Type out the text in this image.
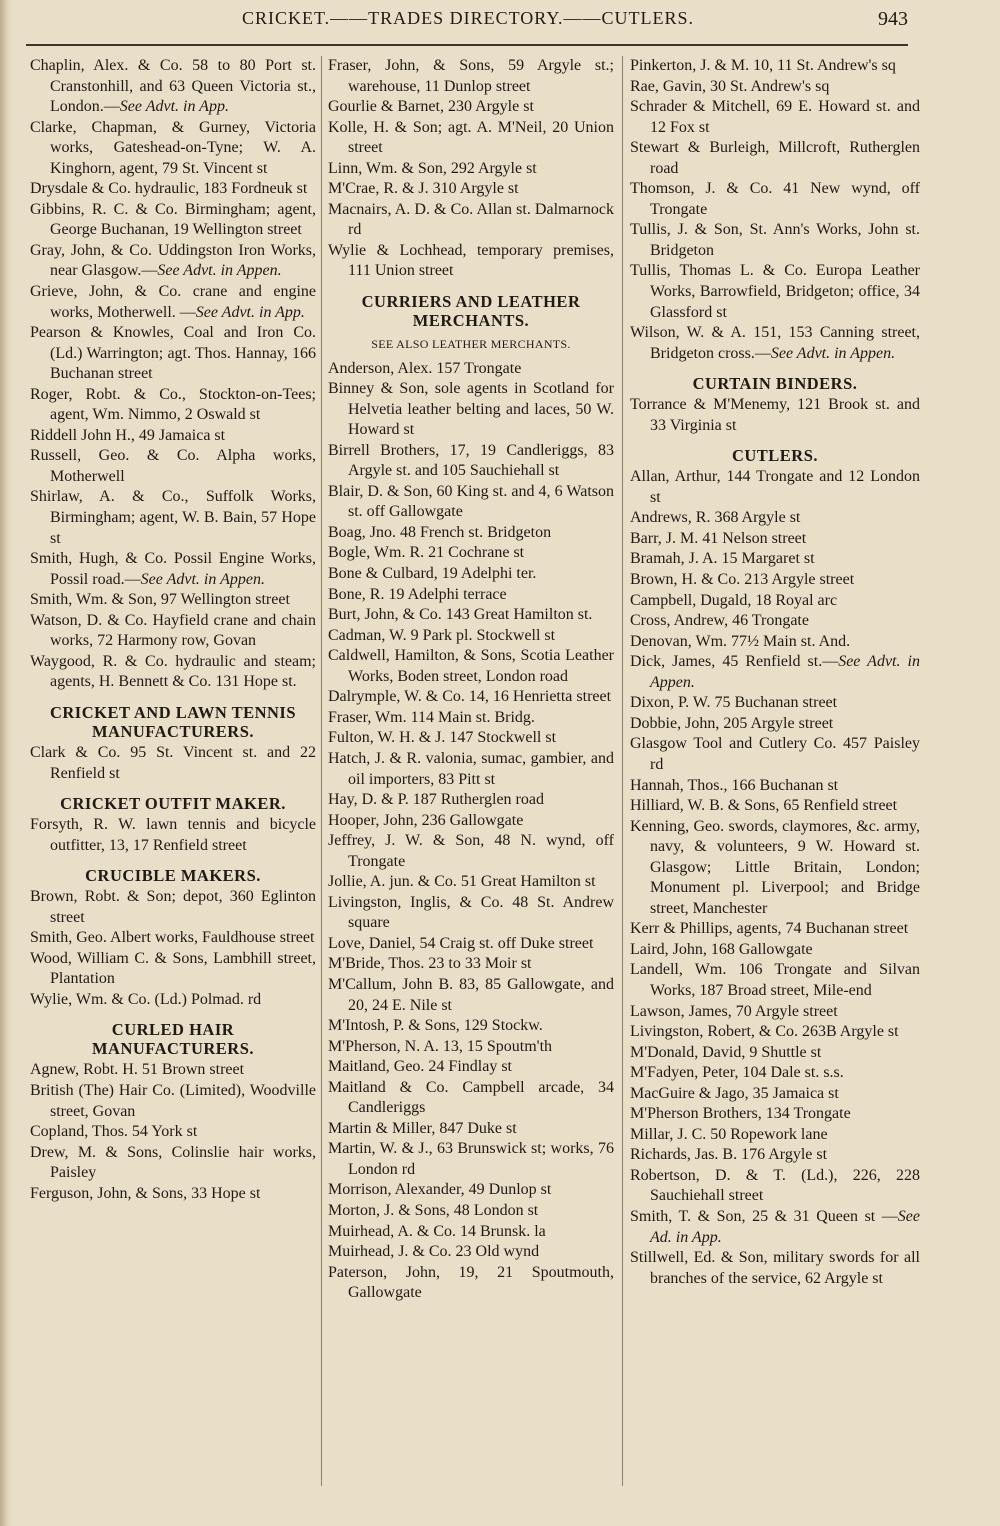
CRICKET.——TRADES DIRECTORY.——CUTLERS.	943
Chaplin, Alex. & Co. 58 to 80 Port st. Cranstonhill, and 63 Queen Victoria st., London.—See Advt. in App.
Clarke, Chapman, & Gurney, Victoria works, Gateshead-on-Tyne; W. A. Kinghorn, agent, 79 St. Vincent st
Drysdale & Co. hydraulic, 183 Fordneuk st
Gibbins, R. C. & Co. Birmingham; agent, George Buchanan, 19 Wellington street
Gray, John, & Co. Uddingston Iron Works, near Glasgow.—See Advt. in Appen.
Grieve, John, & Co. crane and engine works, Motherwell. —See Advt. in App.
Pearson & Knowles, Coal and Iron Co. (Ld.) Warrington; agt. Thos. Hannay, 166 Buchanan street
Roger, Robt. & Co., Stockton-on-Tees; agent, Wm. Nimmo, 2 Oswald st
Riddell John H., 49 Jamaica st
Russell, Geo. & Co. Alpha works, Motherwell
Shirlaw, A. & Co., Suffolk Works, Birmingham; agent, W. B. Bain, 57 Hope st
Smith, Hugh, & Co. Possil Engine Works, Possil road.—See Advt. in Appen.
Smith, Wm. & Son, 97 Wellington street
Watson, D. & Co. Hayfield crane and chain works, 72 Harmony row, Govan
Waygood, R. & Co. hydraulic and steam; agents, H. Bennett & Co. 131 Hope st.
CRICKET AND LAWN TENNIS MANUFACTURERS.
Clark & Co. 95 St. Vincent st. and 22 Renfield st
CRICKET OUTFIT MAKER.
Forsyth, R. W. lawn tennis and bicycle outfitter, 13, 17 Renfield street
CRUCIBLE MAKERS.
Brown, Robt. & Son; depot, 360 Eglinton street
Smith, Geo. Albert works, Fauldhouse street
Wood, William C. & Sons, Lambhill street, Plantation
Wylie, Wm. & Co. (Ld.) Polmad. rd
CURLED HAIR MANUFACTURERS.
Agnew, Robt. H. 51 Brown street
British (The) Hair Co. (Limited), Woodville street, Govan
Copland, Thos. 54 York st
Drew, M. & Sons, Colinslie hair works, Paisley
Ferguson, John, & Sons, 33 Hope st
Fraser, John, & Sons, 59 Argyle st.; warehouse, 11 Dunlop street
Gourlie & Barnet, 230 Argyle st
Kolle, H. & Son; agt. A. M'Neil, 20 Union street
Linn, Wm. & Son, 292 Argyle st
M'Crae, R. & J. 310 Argyle st
Macnairs, A. D. & Co. Allan st. Dalmarnock rd
Wylie & Lochhead, temporary premises, 111 Union street
CURRIERS AND LEATHER MERCHANTS.
SEE ALSO LEATHER MERCHANTS.
Anderson, Alex. 157 Trongate
Binney & Son, sole agents in Scotland for Helvetia leather belting and laces, 50 W. Howard st
Birrell Brothers, 17, 19 Candleriggs, 83 Argyle st. and 105 Sauchiehall st
Blair, D. & Son, 60 King st. and 4, 6 Watson st. off Gallowgate
Boag, Jno. 48 French st. Bridgeton
Bogle, Wm. R. 21 Cochrane st
Bone & Culbard, 19 Adelphi ter.
Bone, R. 19 Adelphi terrace
Burt, John, & Co. 143 Great Hamilton st.
Cadman, W. 9 Park pl. Stockwell st
Caldwell, Hamilton, & Sons, Scotia Leather Works, Boden street, London road
Dalrymple, W. & Co. 14, 16 Henrietta street
Fraser, Wm. 114 Main st. Bridg.
Fulton, W. H. & J. 147 Stockwell st
Hatch, J. & R. valonia, sumac, gambier, and oil importers, 83 Pitt st
Hay, D. & P. 187 Rutherglen road
Hooper, John, 236 Gallowgate
Jeffrey, J. W. & Son, 48 N. wynd, off Trongate
Jollie, A. jun. & Co. 51 Great Hamilton st
Livingston, Inglis, & Co. 48 St. Andrew square
Love, Daniel, 54 Craig st. off Duke street
M'Bride, Thos. 23 to 33 Moir st
M'Callum, John B. 83, 85 Gallowgate, and 20, 24 E. Nile st
M'Intosh, P. & Sons, 129 Stockw.
M'Pherson, N. A. 13, 15 Spoutm'th
Maitland, Geo. 24 Findlay st
Maitland & Co. Campbell arcade, 34 Candleriggs
Martin & Miller, 847 Duke st
Martin, W. & J., 63 Brunswick st; works, 76 London rd
Morrison, Alexander, 49 Dunlop st
Morton, J. & Sons, 48 London st
Muirhead, A. & Co. 14 Brunsk. la
Muirhead, J. & Co. 23 Old wynd
Paterson, John, 19, 21 Spoutmouth, Gallowgate
Pinkerton, J. & M. 10, 11 St. Andrew's sq
Rae, Gavin, 30 St. Andrew's sq
Schrader & Mitchell, 69 E. Howard st. and 12 Fox st
Stewart & Burleigh, Millcroft, Rutherglen road
Thomson, J. & Co. 41 New wynd, off Trongate
Tullis, J. & Son, St. Ann's Works, John st. Bridgeton
Tullis, Thomas L. & Co. Europa Leather Works, Barrowfield, Bridgeton; office, 34 Glassford st
Wilson, W. & A. 151, 153 Canning street, Bridgeton cross.—See Advt. in Appen.
CURTAIN BINDERS.
Torrance & M'Menemy, 121 Brook st. and 33 Virginia st
CUTLERS.
Allan, Arthur, 144 Trongate and 12 London st
Andrews, R. 368 Argyle st
Barr, J. M. 41 Nelson street
Bramah, J. A. 15 Margaret st
Brown, H. & Co. 213 Argyle street
Campbell, Dugald, 18 Royal arc
Cross, Andrew, 46 Trongate
Denovan, Wm. 77½ Main st. And.
Dick, James, 45 Renfield st.—See Advt. in Appen.
Dixon, P. W. 75 Buchanan street
Dobbie, John, 205 Argyle street
Glasgow Tool and Cutlery Co. 457 Paisley rd
Hannah, Thos., 166 Buchanan st
Hilliard, W. B. & Sons, 65 Renfield street
Kenning, Geo. swords, claymores, &c. army, navy, & volunteers, 9 W. Howard st. Glasgow; Little Britain, London; Monument pl. Liverpool; and Bridge street, Manchester
Kerr & Phillips, agents, 74 Buchanan street
Laird, John, 168 Gallowgate
Landell, Wm. 106 Trongate and Silvan Works, 187 Broad street, Mile-end
Lawson, James, 70 Argyle street
Livingston, Robert, & Co. 263B Argyle st
M'Donald, David, 9 Shuttle st
M'Fadyen, Peter, 104 Dale st. s.s.
MacGuire & Jago, 35 Jamaica st
M'Pherson Brothers, 134 Trongate
Millar, J. C. 50 Ropework lane
Richards, Jas. B. 176 Argyle st
Robertson, D. & T. (Ld.), 226, 228 Sauchiehall street
Smith, T. & Son, 25 & 31 Queen st —See Ad. in App.
Stillwell, Ed. & Son, military swords for all branches of the service, 62 Argyle st
